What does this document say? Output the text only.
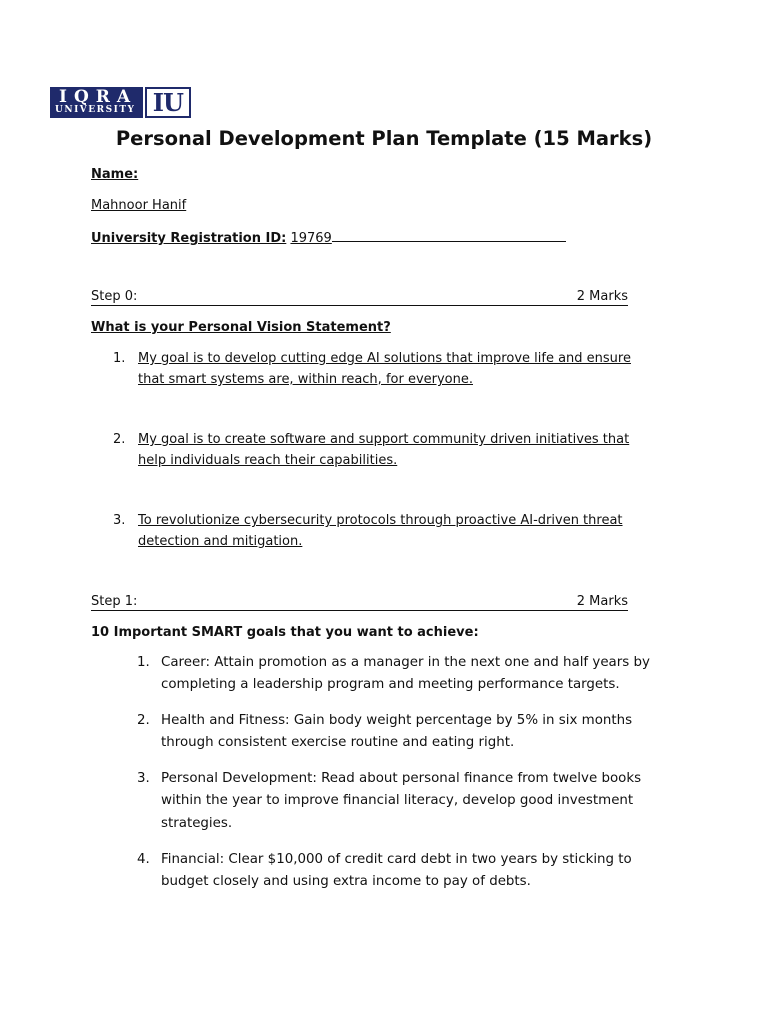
IQRA
UNIVERSITY IU
Personal Development Plan Template (15 Marks)
Name:
Mahnoor Hanif
University Registration ID: 19769
Step 0:	2 Marks
What is your Personal Vision Statement?
1. My goal is to develop cutting edge AI solutions that improve life and ensure
that smart systems are, within reach, for everyone.
2. My goal is to create software and support community driven initiatives that
help individuals reach their capabilities.
3. To revolutionize cybersecurity protocols through proactive AI-driven threat
detection and mitigation.
Step 1:	2 Marks
10 Important SMART goals that you want to achieve:
1. Career: Attain promotion as a manager in the next one and half years by
completing a leadership program and meeting performance targets.
2. Health and Fitness: Gain body weight percentage by 5% in six months
through consistent exercise routine and eating right.
3. Personal Development: Read about personal finance from twelve books
within the year to improve financial literacy, develop good investment
strategies.
4. Financial: Clear $10,000 of credit card debt in two years by sticking to
budget closely and using extra income to pay of debts.
